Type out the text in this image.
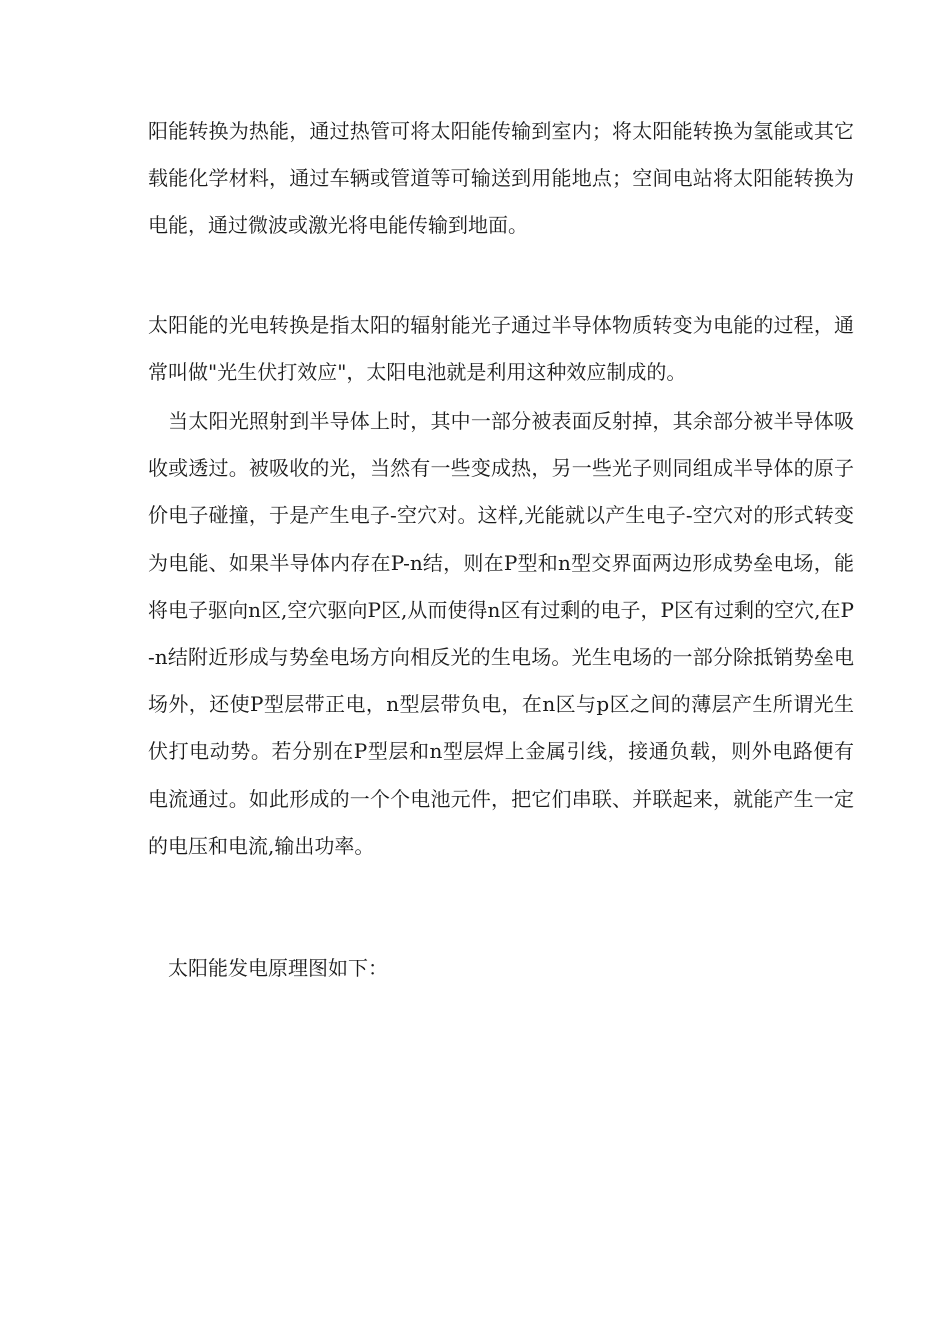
阳能转换为热能，通过热管可将太阳能传输到室内；将太阳能转换为氢能或其它载能化学材料，通过车辆或管道等可输送到用能地点；空间电站将太阳能转换为电能，通过微波或激光将电能传输到地面。

太阳能的光电转换是指太阳的辐射能光子通过半导体物质转变为电能的过程，通常叫做"光生伏打效应"，太阳电池就是利用这种效应制成的。

　当太阳光照射到半导体上时，其中一部分被表面反射掉，其余部分被半导体吸收或透过。被吸收的光，当然有一些变成热，另一些光子则同组成半导体的原子价电子碰撞，于是产生电子-空穴对。这样,光能就以产生电子-空穴对的形式转变为电能、如果半导体内存在P-n结，则在P型和n型交界面两边形成势垒电场，能将电子驱向n区,空穴驱向P区,从而使得n区有过剩的电子，P区有过剩的空穴,在P-n结附近形成与势垒电场方向相反光的生电场。光生电场的一部分除抵销势垒电场外，还使P型层带正电，n型层带负电，在n区与p区之间的薄层产生所谓光生伏打电动势。若分别在P型层和n型层焊上金属引线，接通负载，则外电路便有电流通过。如此形成的一个个电池元件，把它们串联、并联起来，就能产生一定的电压和电流,输出功率。

　太阳能发电原理图如下：
